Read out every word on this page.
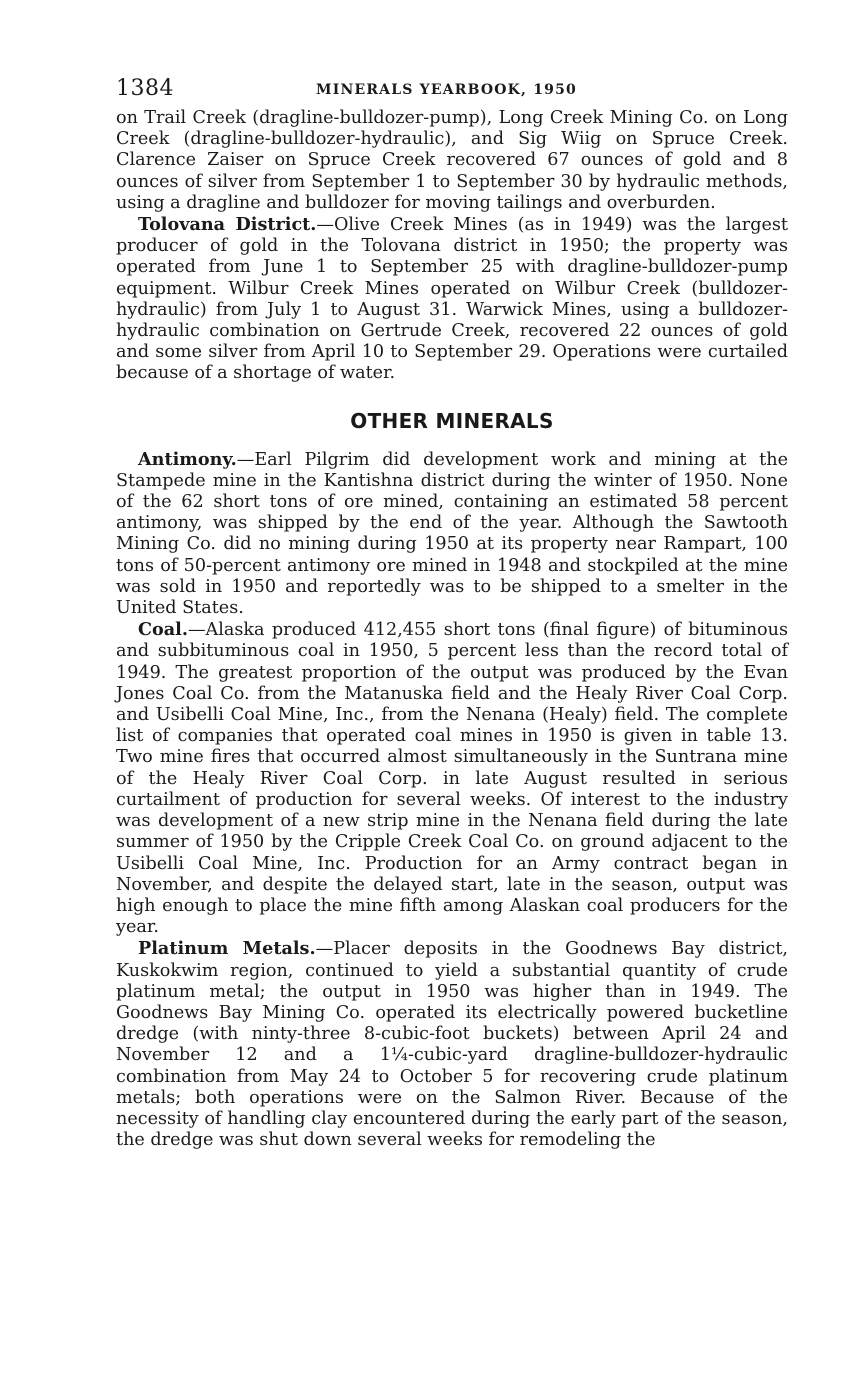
1384	MINERALS YEARBOOK, 1950

on Trail Creek (dragline-bulldozer-pump), Long Creek Mining Co. on Long Creek (dragline-bulldozer-hydraulic), and Sig Wiig on Spruce Creek. Clarence Zaiser on Spruce Creek recovered 67 ounces of gold and 8 ounces of silver from September 1 to September 30 by hydraulic methods, using a dragline and bulldozer for moving tailings and overburden.

Tolovana District.—Olive Creek Mines (as in 1949) was the largest producer of gold in the Tolovana district in 1950; the property was operated from June 1 to September 25 with dragline-bulldozer-pump equipment. Wilbur Creek Mines operated on Wilbur Creek (bulldozer-hydraulic) from July 1 to August 31. Warwick Mines, using a bulldozer-hydraulic combination on Gertrude Creek, recovered 22 ounces of gold and some silver from April 10 to September 29. Operations were curtailed because of a shortage of water.

OTHER MINERALS

Antimony.—Earl Pilgrim did development work and mining at the Stampede mine in the Kantishna district during the winter of 1950. None of the 62 short tons of ore mined, containing an estimated 58 percent antimony, was shipped by the end of the year. Although the Sawtooth Mining Co. did no mining during 1950 at its property near Rampart, 100 tons of 50-percent antimony ore mined in 1948 and stockpiled at the mine was sold in 1950 and reportedly was to be shipped to a smelter in the United States.

Coal.—Alaska produced 412,455 short tons (final figure) of bituminous and subbituminous coal in 1950, 5 percent less than the record total of 1949. The greatest proportion of the output was produced by the Evan Jones Coal Co. from the Matanuska field and the Healy River Coal Corp. and Usibelli Coal Mine, Inc., from the Nenana (Healy) field. The complete list of companies that operated coal mines in 1950 is given in table 13. Two mine fires that occurred almost simultaneously in the Suntrana mine of the Healy River Coal Corp. in late August resulted in serious curtailment of production for several weeks. Of interest to the industry was development of a new strip mine in the Nenana field during the late summer of 1950 by the Cripple Creek Coal Co. on ground adjacent to the Usibelli Coal Mine, Inc. Production for an Army contract began in November, and despite the delayed start, late in the season, output was high enough to place the mine fifth among Alaskan coal producers for the year.

Platinum Metals.—Placer deposits in the Goodnews Bay district, Kuskokwim region, continued to yield a substantial quantity of crude platinum metal; the output in 1950 was higher than in 1949. The Goodnews Bay Mining Co. operated its electrically powered bucketline dredge (with ninty-three 8-cubic-foot buckets) between April 24 and November 12 and a 1¼-cubic-yard dragline-bulldozer-hydraulic combination from May 24 to October 5 for recovering crude platinum metals; both operations were on the Salmon River. Because of the necessity of handling clay encountered during the early part of the season, the dredge was shut down several weeks for remodeling the
